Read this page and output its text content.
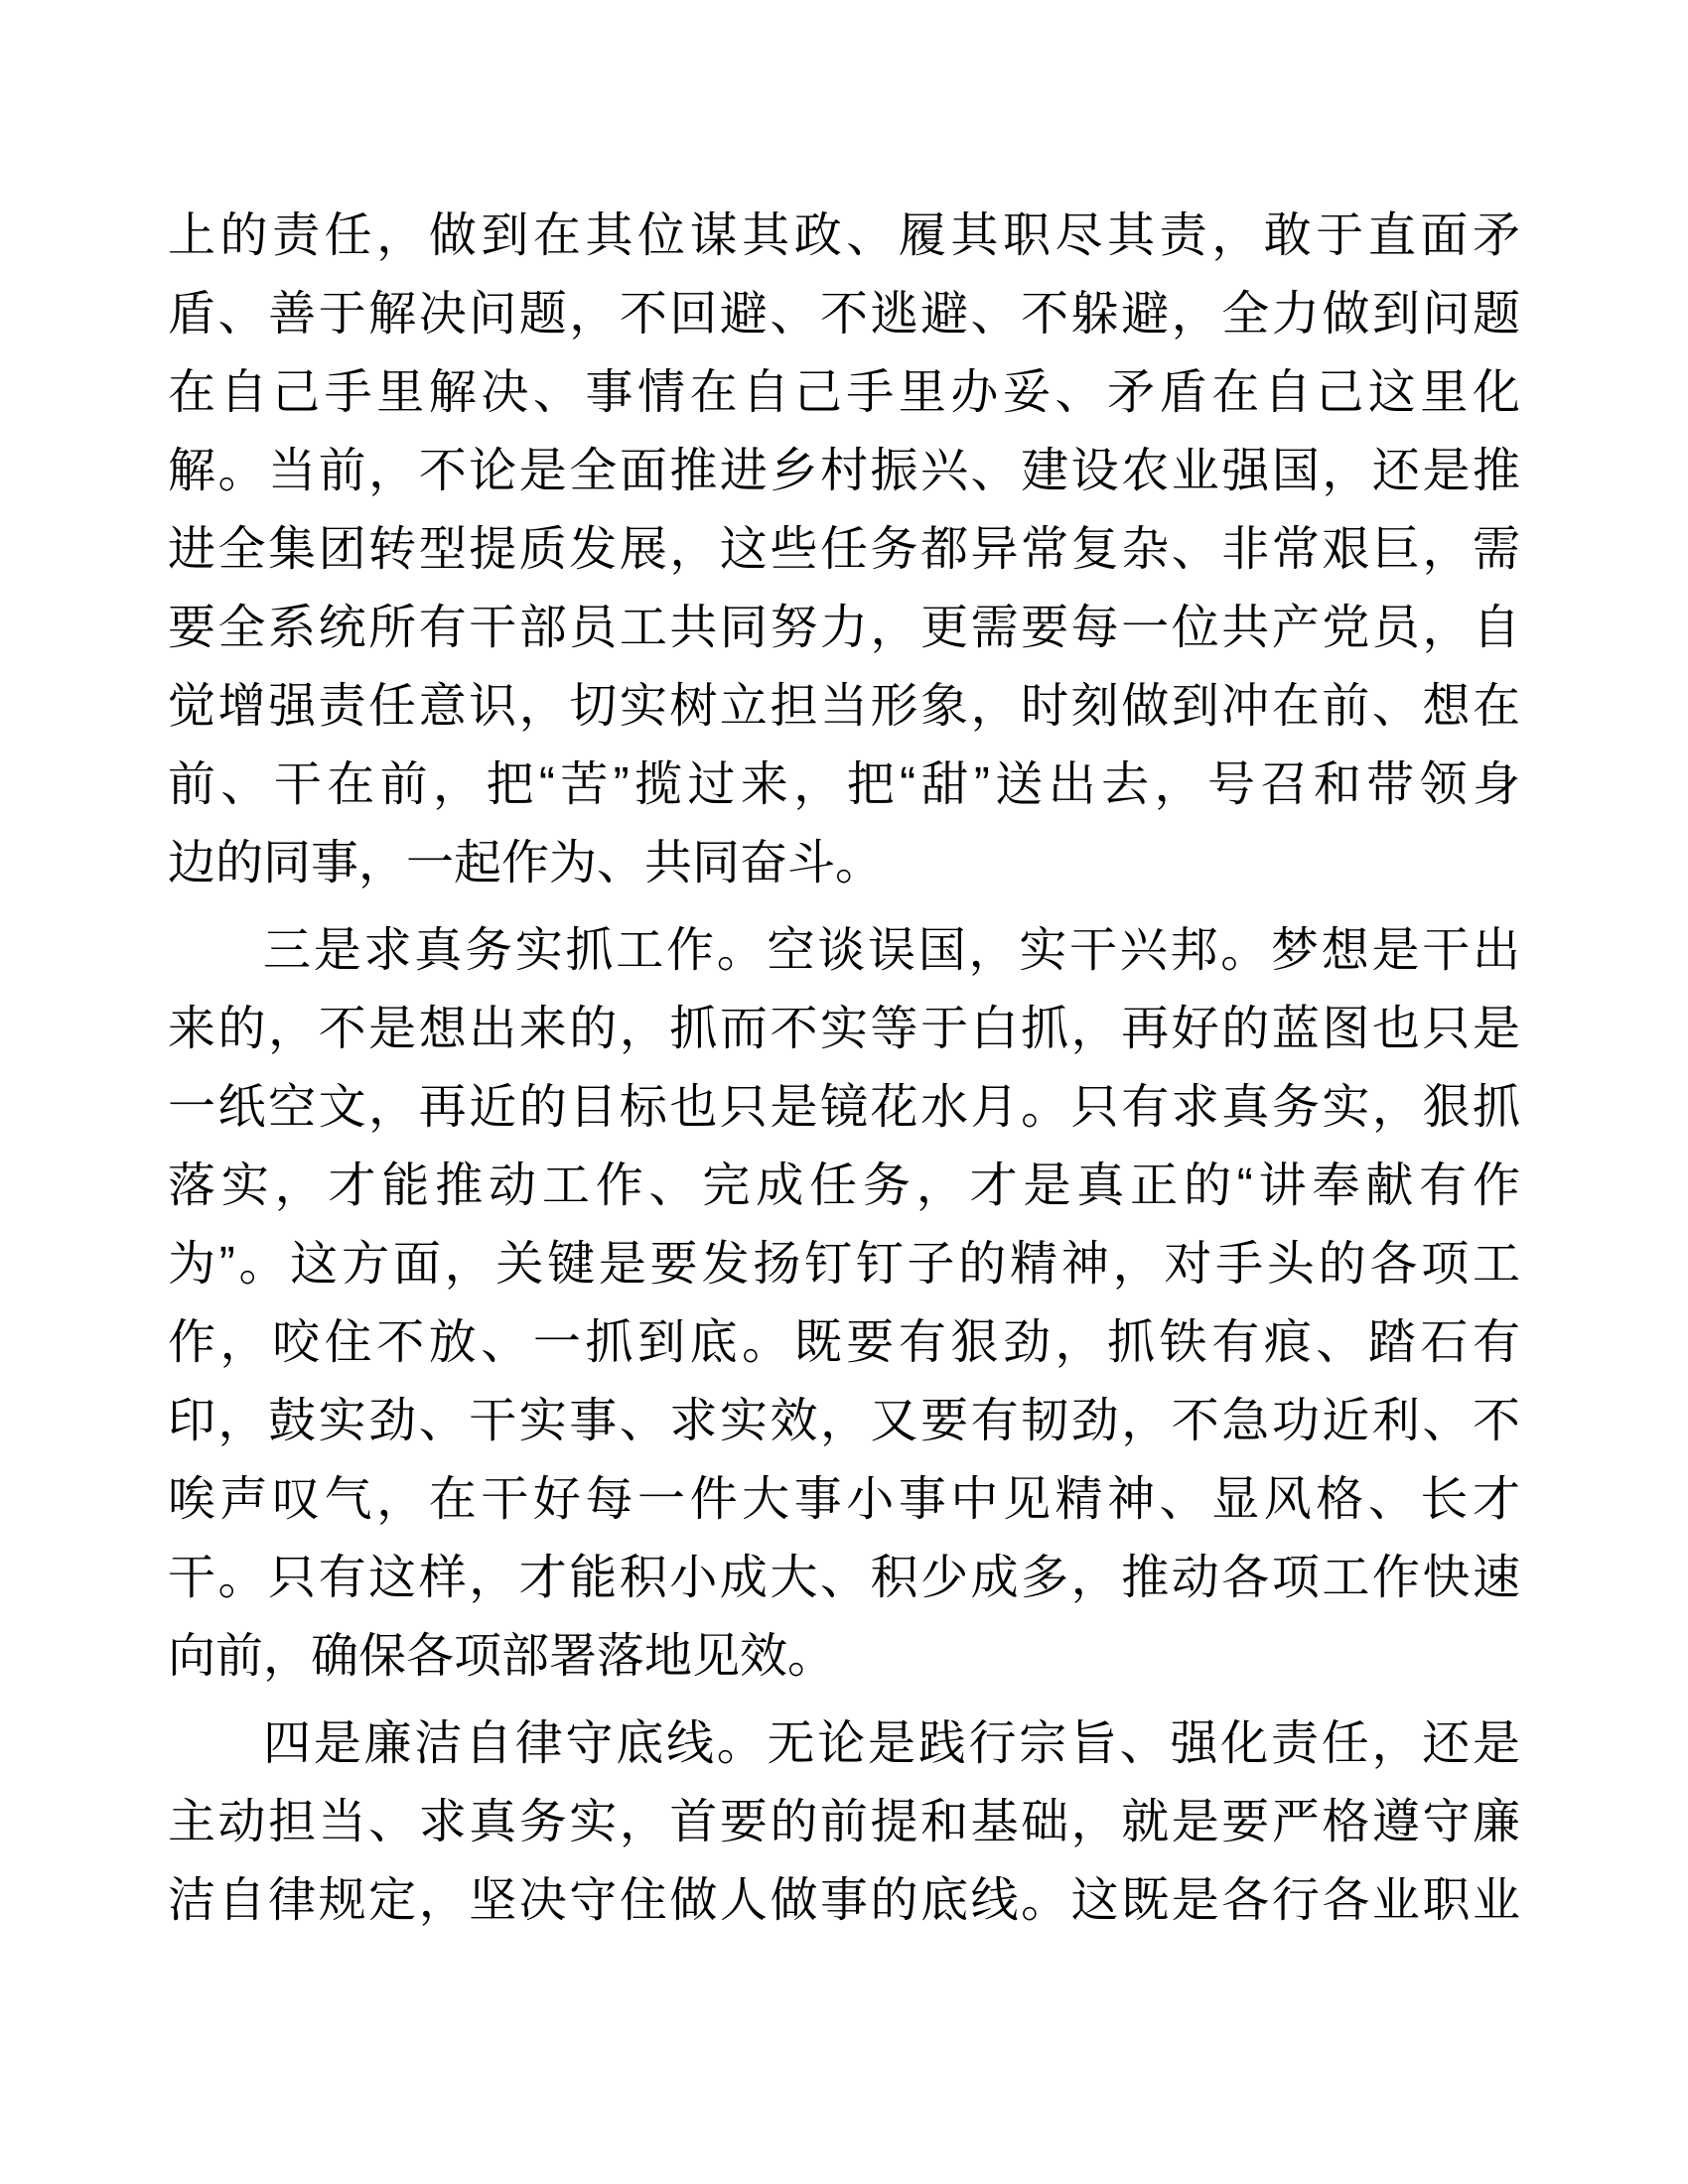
上的责任，做到在其位谋其政、履其职尽其责，敢于直面矛
盾、善于解决问题，不回避、不逃避、不躲避，全力做到问题
在自己手里解决、事情在自己手里办妥、矛盾在自己这里化
解。当前，不论是全面推进乡村振兴、建设农业强国，还是推
进全集团转型提质发展，这些任务都异常复杂、非常艰巨，需
要全系统所有干部员工共同努力，更需要每一位共产党员，自
觉增强责任意识，切实树立担当形象，时刻做到冲在前、想在
前、干在前，把“苦”揽过来，把“甜”送出去，号召和带领身
边的同事，一起作为、共同奋斗。
三是求真务实抓工作。空谈误国，实干兴邦。梦想是干出
来的，不是想出来的，抓而不实等于白抓，再好的蓝图也只是
一纸空文，再近的目标也只是镜花水月。只有求真务实，狠抓
落实，才能推动工作、完成任务，才是真正的“讲奉献有作
为”。这方面，关键是要发扬钉钉子的精神，对手头的各项工
作，咬住不放、一抓到底。既要有狠劲，抓铁有痕、踏石有
印，鼓实劲、干实事、求实效，又要有韧劲，不急功近利、不
唉声叹气，在干好每一件大事小事中见精神、显风格、长才
干。只有这样，才能积小成大、积少成多，推动各项工作快速
向前，确保各项部署落地见效。
四是廉洁自律守底线。无论是践行宗旨、强化责任，还是
主动担当、求真务实，首要的前提和基础，就是要严格遵守廉
洁自律规定，坚决守住做人做事的底线。这既是各行各业职业
